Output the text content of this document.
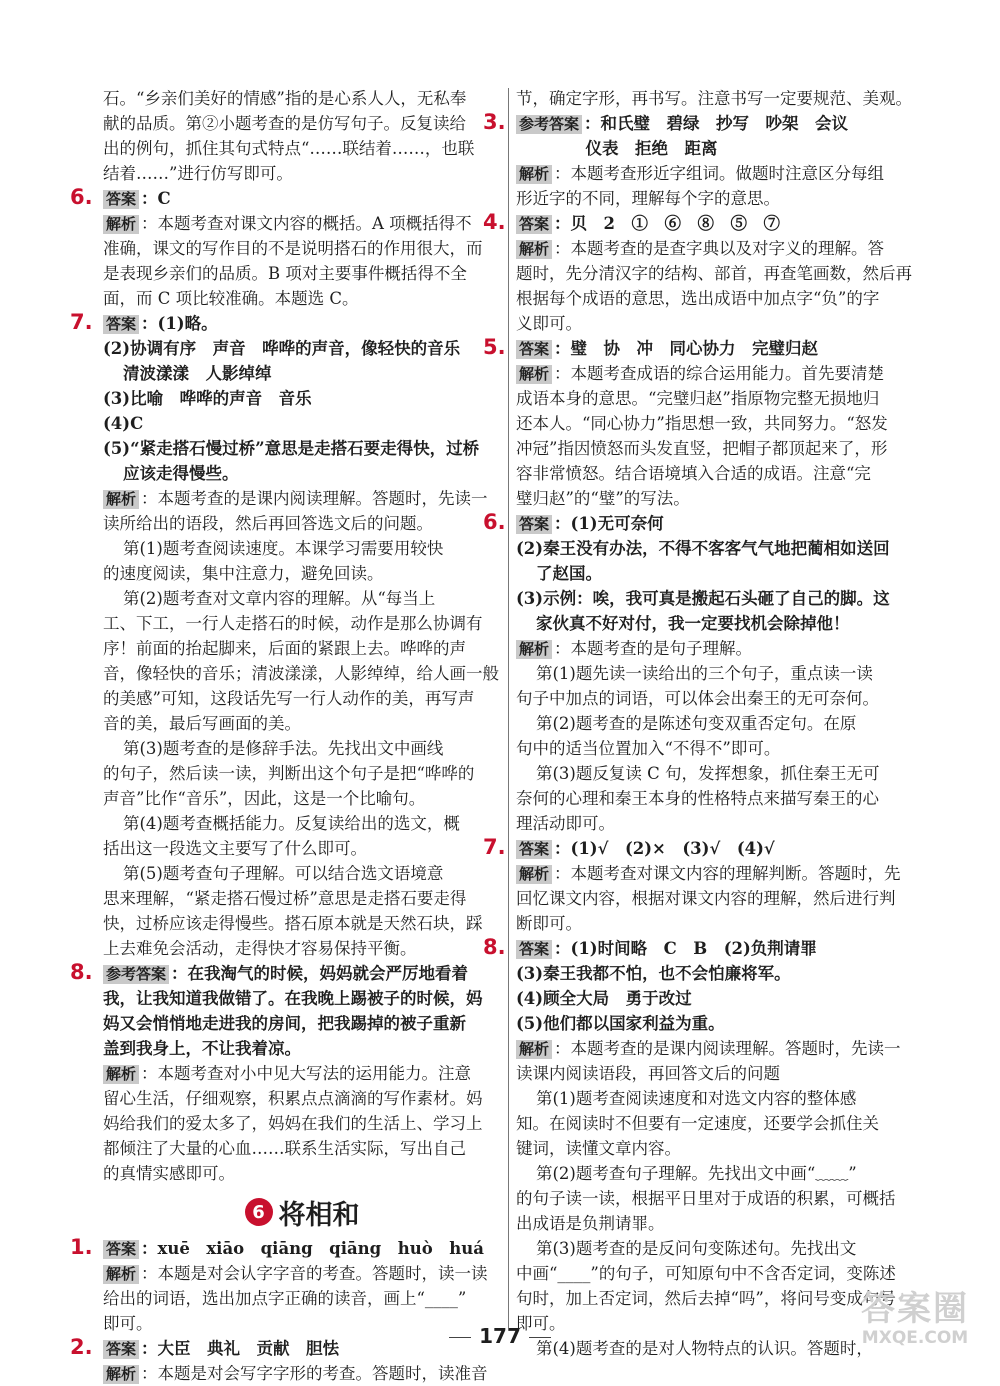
石。“乡亲们美好的情感”指的是心系人人，无私奉
献的品质。第②小题考查的是仿写句子。反复读给
出的例句，抓住其句式特点“……联结着……，也联
结着……”进行仿写即可。
6. 答案 ：C
解析 ：本题考查对课文内容的概括。A 项概括得不
准确，课文的写作目的不是说明搭石的作用很大，而
是表现乡亲们的品质。B 项对主要事件概括得不全
面，而 C 项比较准确。本题选 C。
7. 答案 ：(1)略。
(2)协调有序　声音　哗哗的声音，像轻快的音乐
清波漾漾　人影绰绰
(3)比喻　哗哗的声音　音乐
(4)C
(5)“紧走搭石慢过桥”意思是走搭石要走得快，过桥
应该走得慢些。
解析 ：本题考查的是课内阅读理解。答题时，先读一
读所给出的语段，然后再回答选文后的问题。
第(1)题考查阅读速度。本课学习需要用较快
的速度阅读，集中注意力，避免回读。
第(2)题考查对文章内容的理解。从“每当上
工、下工，一行人走搭石的时候，动作是那么协调有
序！前面的抬起脚来，后面的紧跟上去。哗哗的声
音，像轻快的音乐；清波漾漾，人影绰绰，给人画一般
的美感”可知，这段话先写一行人动作的美，再写声
音的美，最后写画面的美。
第(3)题考查的是修辞手法。先找出文中画线
的句子，然后读一读，判断出这个句子是把“哗哗的
声音”比作“音乐”，因此，这是一个比喻句。
第(4)题考查概括能力。反复读给出的选文，概
括出这一段选文主要写了什么即可。
第(5)题考查句子理解。可以结合选文语境意
思来理解，“紧走搭石慢过桥”意思是走搭石要走得
快，过桥应该走得慢些。搭石原本就是天然石块，踩
上去难免会活动，走得快才容易保持平衡。
8. 参考答案 ：在我淘气的时候，妈妈就会严厉地看着
我，让我知道我做错了。在我晚上踢被子的时候，妈
妈又会悄悄地走进我的房间，把我踢掉的被子重新
盖到我身上，不让我着凉。
解析 ：本题考查对小中见大写法的运用能力。注意
留心生活，仔细观察，积累点点滴滴的写作素材。妈
妈给我们的爱太多了，妈妈在我们的生活上、学习上
都倾注了大量的心血……联系生活实际，写出自己
的真情实感即可。
6 将相和
1. 答案 ：xuē　xiāo　qiāng　qiāng　huò　huá
解析 ：本题是对会认字字音的考查。答题时，读一读
给出的词语，选出加点字正确的读音，画上“____”
即可。
2. 答案 ：大臣　典礼　贡献　胆怯
解析 ：本题是对会写字字形的考查。答题时，读准音
节，确定字形，再书写。注意书写一定要规范、美观。
3. 参考答案 ：和氏璧　碧绿　抄写　吵架　会议
　　　仪表　拒绝　距离
解析 ：本题考查形近字组词。做题时注意区分每组
形近字的不同，理解每个字的意思。
4. 答案 ：贝　2　①　⑥　⑧　⑤　⑦
解析 ：本题考查的是查字典以及对字义的理解。答
题时，先分清汉字的结构、部首，再查笔画数，然后再
根据每个成语的意思，选出成语中加点字“负”的字
义即可。
5. 答案 ：璧　协　冲　同心协力　完璧归赵
解析 ：本题考查成语的综合运用能力。首先要清楚
成语本身的意思。“完璧归赵”指原物完整无损地归
还本人。“同心协力”指思想一致，共同努力。“怒发
冲冠”指因愤怒而头发直竖，把帽子都顶起来了，形
容非常愤怒。结合语境填入合适的成语。注意“完
璧归赵”的“璧”的写法。
6. 答案 ：(1)无可奈何
(2)秦王没有办法，不得不客客气气地把蔺相如送回
了赵国。
(3)示例：唉，我可真是搬起石头砸了自己的脚。这
家伙真不好对付，我一定要找机会除掉他！
解析 ：本题考查的是句子理解。
第(1)题先读一读给出的三个句子，重点读一读
句子中加点的词语，可以体会出秦王的无可奈何。
第(2)题考查的是陈述句变双重否定句。在原
句中的适当位置加入“不得不”即可。
第(3)题反复读 C 句，发挥想象，抓住秦王无可
奈何的心理和秦王本身的性格特点来描写秦王的心
理活动即可。
7. 答案 ：(1)√　(2)×　(3)√　(4)√
解析 ：本题考查对课文内容的理解判断。答题时，先
回忆课文内容，根据对课文内容的理解，然后进行判
断即可。
8. 答案 ：(1)时间略　C　B　(2)负荆请罪
(3)秦王我都不怕，也不会怕廉将军。
(4)顾全大局　勇于改过
(5)他们都以国家利益为重。
解析 ：本题考查的是课内阅读理解。答题时，先读一
读课内阅读语段，再回答文后的问题
第(1)题考查阅读速度和对选文内容的整体感
知。在阅读时不但要有一定速度，还要学会抓住关
键词，读懂文章内容。
第(2)题考查句子理解。先找出文中画“﹏﹏”
的句子读一读，根据平日里对于成语的积累，可概括
出成语是负荆请罪。
第(3)题考查的是反问句变陈述句。先找出文
中画“____”的句子，可知原句中不含否定词，变陈述
句时，加上否定词，然后去掉“吗”，将问号变成句号
即可。
第(4)题考查的是对人物特点的认识。答题时，
177
答案圈
MXQE.COM
